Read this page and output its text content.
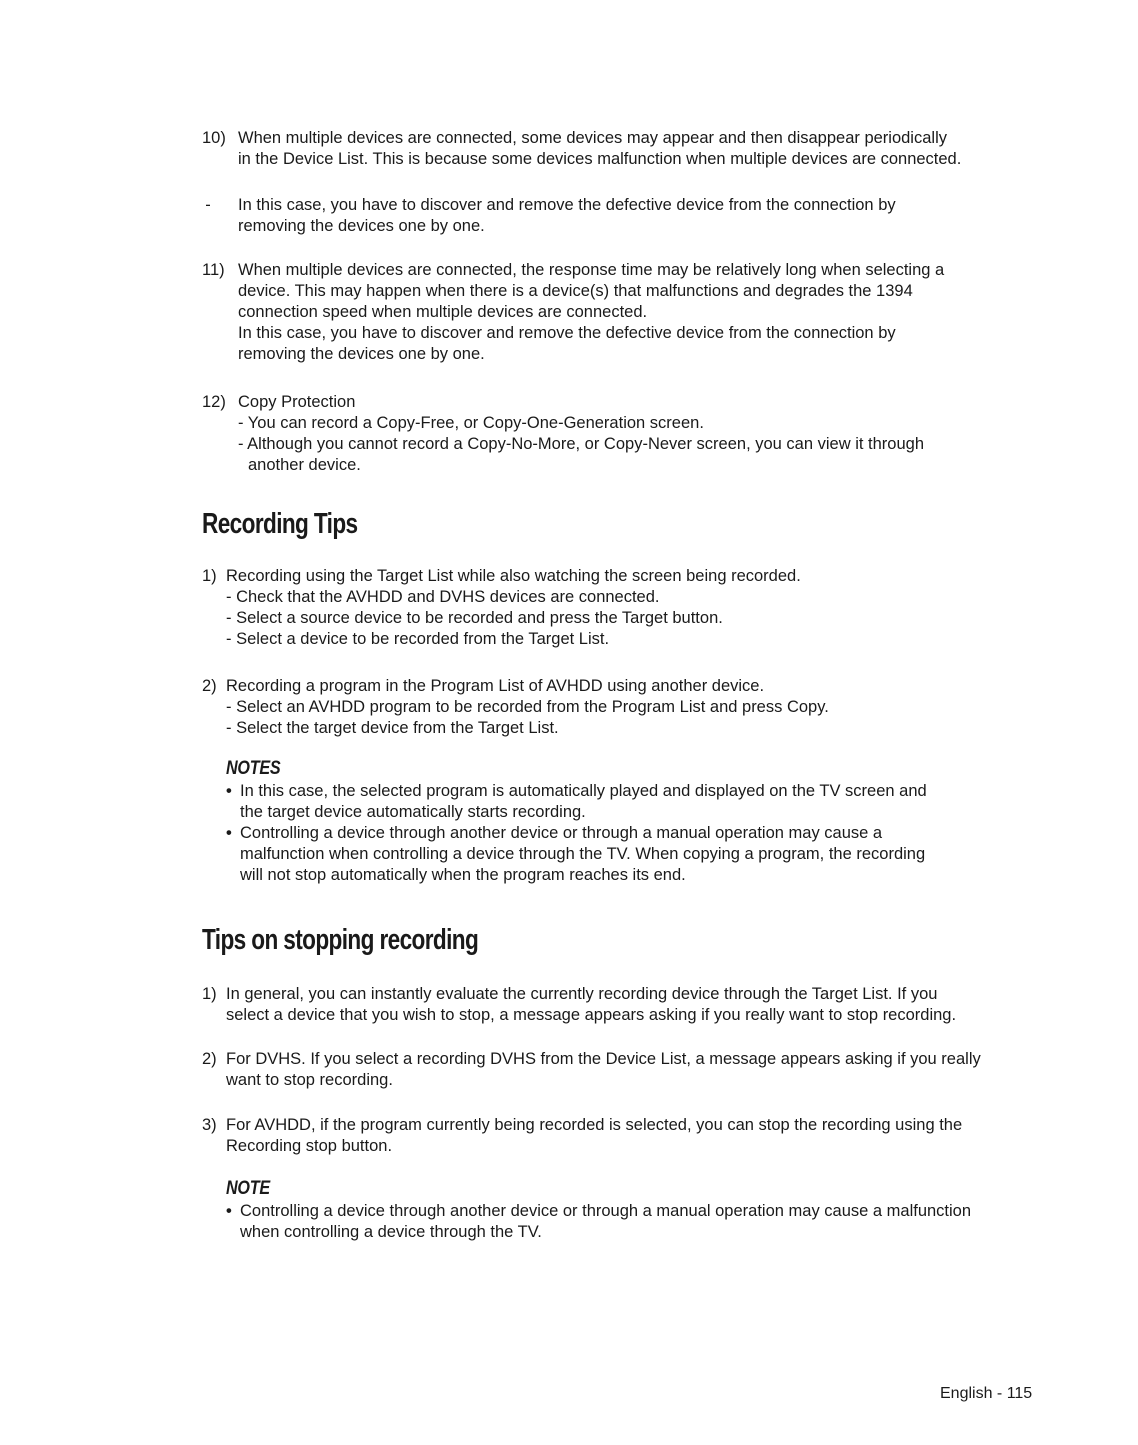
10) When multiple devices are connected, some devices may appear and then disappear periodically
in the Device List. This is because some devices malfunction when multiple devices are connected.
-	In this case, you have to discover and remove the defective device from the connection by
removing the devices one by one.
11) When multiple devices are connected, the response time may be relatively long when selecting a
device. This may happen when there is a device(s) that malfunctions and degrades the 1394
connection speed when multiple devices are connected.
In this case, you have to discover and remove the defective device from the connection by
removing the devices one by one.
12) Copy Protection
- You can record a Copy-Free, or Copy-One-Generation screen.
- Although you cannot record a Copy-No-More, or Copy-Never screen, you can view it through
another device.
Recording Tips
1) Recording using the Target List while also watching the screen being recorded.
- Check that the AVHDD and DVHS devices are connected.
- Select a source device to be recorded and press the Target button.
- Select a device to be recorded from the Target List.
2) Recording a program in the Program List of AVHDD using another device.
- Select an AVHDD program to be recorded from the Program List and press Copy.
- Select the target device from the Target List.
NOTES
• In this case, the selected program is automatically played and displayed on the TV screen and
the target device automatically starts recording.
• Controlling a device through another device or through a manual operation may cause a
malfunction when controlling a device through the TV. When copying a program, the recording
will not stop automatically when the program reaches its end.
Tips on stopping recording
1) In general, you can instantly evaluate the currently recording device through the Target List. If you
select a device that you wish to stop, a message appears asking if you really want to stop recording.
2) For DVHS. If you select a recording DVHS from the Device List, a message appears asking if you really
want to stop recording.
3) For AVHDD, if the program currently being recorded is selected, you can stop the recording using the
Recording stop button.
NOTE
• Controlling a device through another device or through a manual operation may cause a malfunction
when controlling a device through the TV.
English - 115
